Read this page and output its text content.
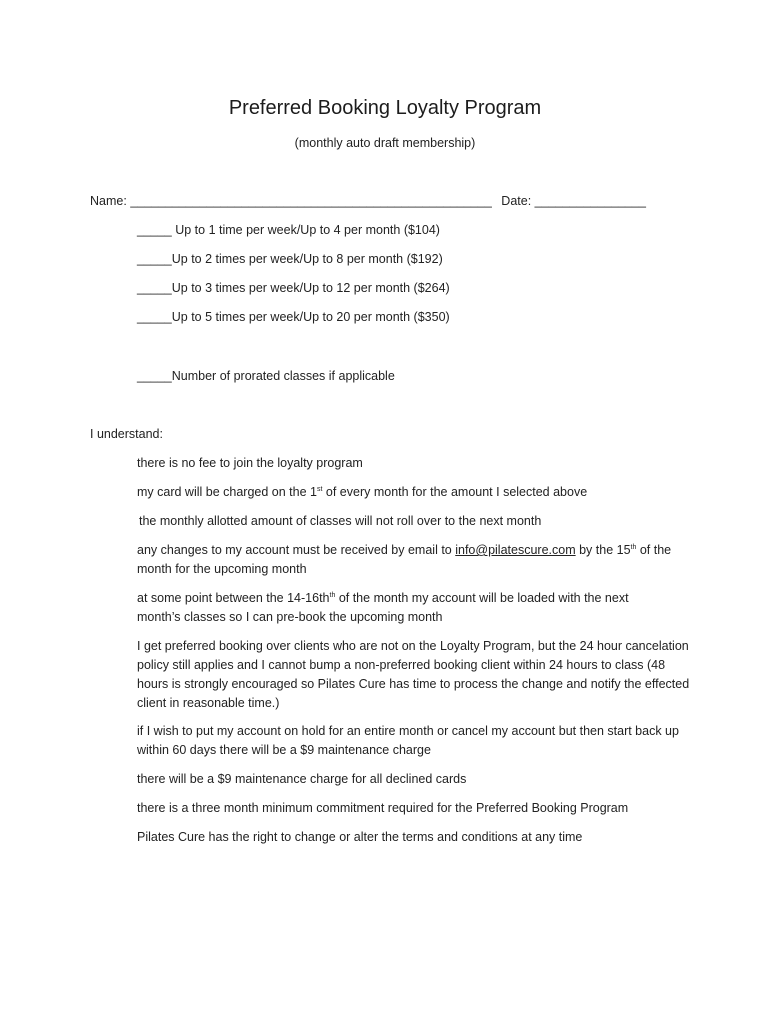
Preferred Booking Loyalty Program
(monthly auto draft membership)
Name: ____________________________________________________ Date: ________________
_____ Up to 1 time per week/Up to 4 per month ($104)
_____Up to 2 times per week/Up to 8 per month ($192)
_____Up to 3 times per week/Up to 12 per month ($264)
_____Up to 5 times per week/Up to 20 per month ($350)
_____Number of prorated classes if applicable
I understand:
there is no fee to join the loyalty program
my card will be charged on the 1st of every month for the amount I selected above
the monthly allotted amount of classes will not roll over to the next month
any changes to my account must be received by email to info@pilatescure.com by the 15th of the month for the upcoming month
at some point between the $14-16th^{th}$ of the month my account will be loaded with the next month’s classes so I can pre-book the upcoming month
I get preferred booking over clients who are not on the Loyalty Program, but the 24 hour cancelation policy still applies and I cannot bump a non-preferred booking client within 24 hours to class (48 hours is strongly encouraged so Pilates Cure has time to process the change and notify the effected client in reasonable time.)
if I wish to put my account on hold for an entire month or cancel my account but then start back up within 60 days there will be a $9 maintenance charge
there will be a $9 maintenance charge for all declined cards
there is a three month minimum commitment required for the Preferred Booking Program
Pilates Cure has the right to change or alter the terms and conditions at any time
